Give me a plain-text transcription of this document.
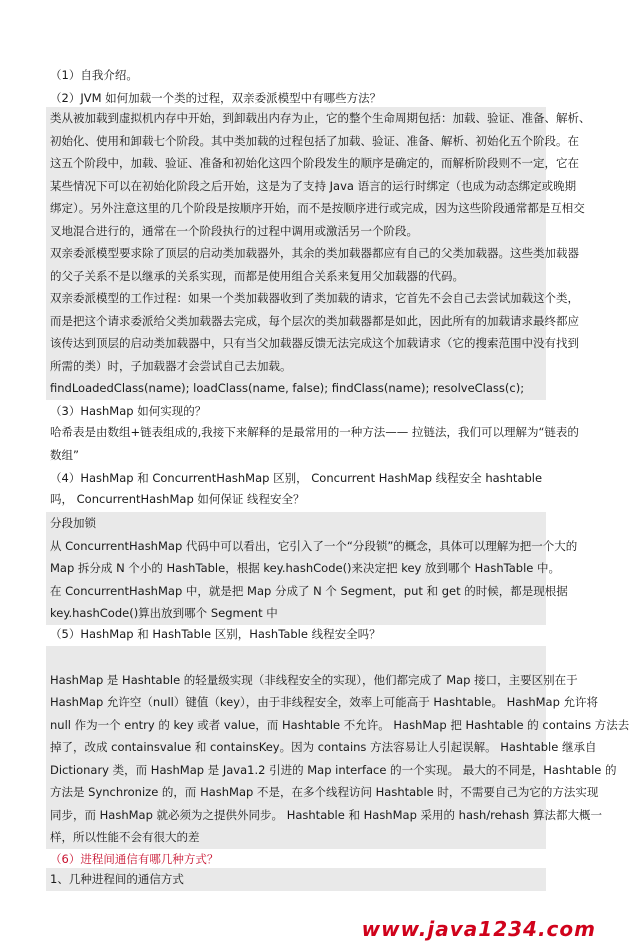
（1）自我介绍。
（2）JVM 如何加载一个类的过程，双亲委派模型中有哪些方法？
类从被加载到虚拟机内存中开始，到卸载出内存为止，它的整个生命周期包括：加载、验证、准备、解析、
初始化、使用和卸载七个阶段。其中类加载的过程包括了加载、验证、准备、解析、初始化五个阶段。在
这五个阶段中，加载、验证、准备和初始化这四个阶段发生的顺序是确定的，而解析阶段则不一定，它在
某些情况下可以在初始化阶段之后开始，这是为了支持 Java 语言的运行时绑定（也成为动态绑定或晚期
绑定）。另外注意这里的几个阶段是按顺序开始，而不是按顺序进行或完成，因为这些阶段通常都是互相交
叉地混合进行的，通常在一个阶段执行的过程中调用或激活另一个阶段。
双亲委派模型要求除了顶层的启动类加载器外，其余的类加载器都应有自己的父类加载器。这些类加载器
的父子关系不是以继承的关系实现，而都是使用组合关系来复用父加载器的代码。
双亲委派模型的工作过程：如果一个类加载器收到了类加载的请求，它首先不会自己去尝试加载这个类，
而是把这个请求委派给父类加载器去完成，每个层次的类加载器都是如此，因此所有的加载请求最终都应
该传达到顶层的启动类加载器中，只有当父加载器反馈无法完成这个加载请求（它的搜索范围中没有找到
所需的类）时，子加载器才会尝试自己去加载。
findLoadedClass(name); loadClass(name, false); findClass(name); resolveClass(c);
（3）HashMap 如何实现的？
哈希表是由数组+链表组成的,我接下来解释的是最常用的一种方法—— 拉链法，我们可以理解为“链表的
数组”
（4）HashMap 和 ConcurrentHashMap 区别， Concurrent HashMap 线程安全 hashtable
吗， ConcurrentHashMap 如何保证 线程安全？
分段加锁
从 ConcurrentHashMap 代码中可以看出，它引入了一个“分段锁”的概念，具体可以理解为把一个大的
Map 拆分成 N 个小的 HashTable，根据 key.hashCode()来决定把 key 放到哪个 HashTable 中。
在 ConcurrentHashMap 中，就是把 Map 分成了 N 个 Segment，put 和 get 的时候，都是现根据
key.hashCode()算出放到哪个 Segment 中
（5）HashMap 和 HashTable 区别，HashTable 线程安全吗？
HashMap 是 Hashtable 的轻量级实现（非线程安全的实现），他们都完成了 Map 接口，主要区别在于
HashMap 允许空（null）键值（key），由于非线程安全，效率上可能高于 Hashtable。 HashMap 允许将
null 作为一个 entry 的 key 或者 value，而 Hashtable 不允许。 HashMap 把 Hashtable 的 contains 方法去
掉了，改成 containsvalue 和 containsKey。因为 contains 方法容易让人引起误解。 Hashtable 继承自
Dictionary 类，而 HashMap 是 Java1.2 引进的 Map interface 的一个实现。 最大的不同是，Hashtable 的
方法是 Synchronize 的，而 HashMap 不是，在多个线程访问 Hashtable 时，不需要自己为它的方法实现
同步，而 HashMap 就必须为之提供外同步。 Hashtable 和 HashMap 采用的 hash/rehash 算法都大概一
样，所以性能不会有很大的差
（6）进程间通信有哪几种方式？
1、几种进程间的通信方式
www.java1234.com
